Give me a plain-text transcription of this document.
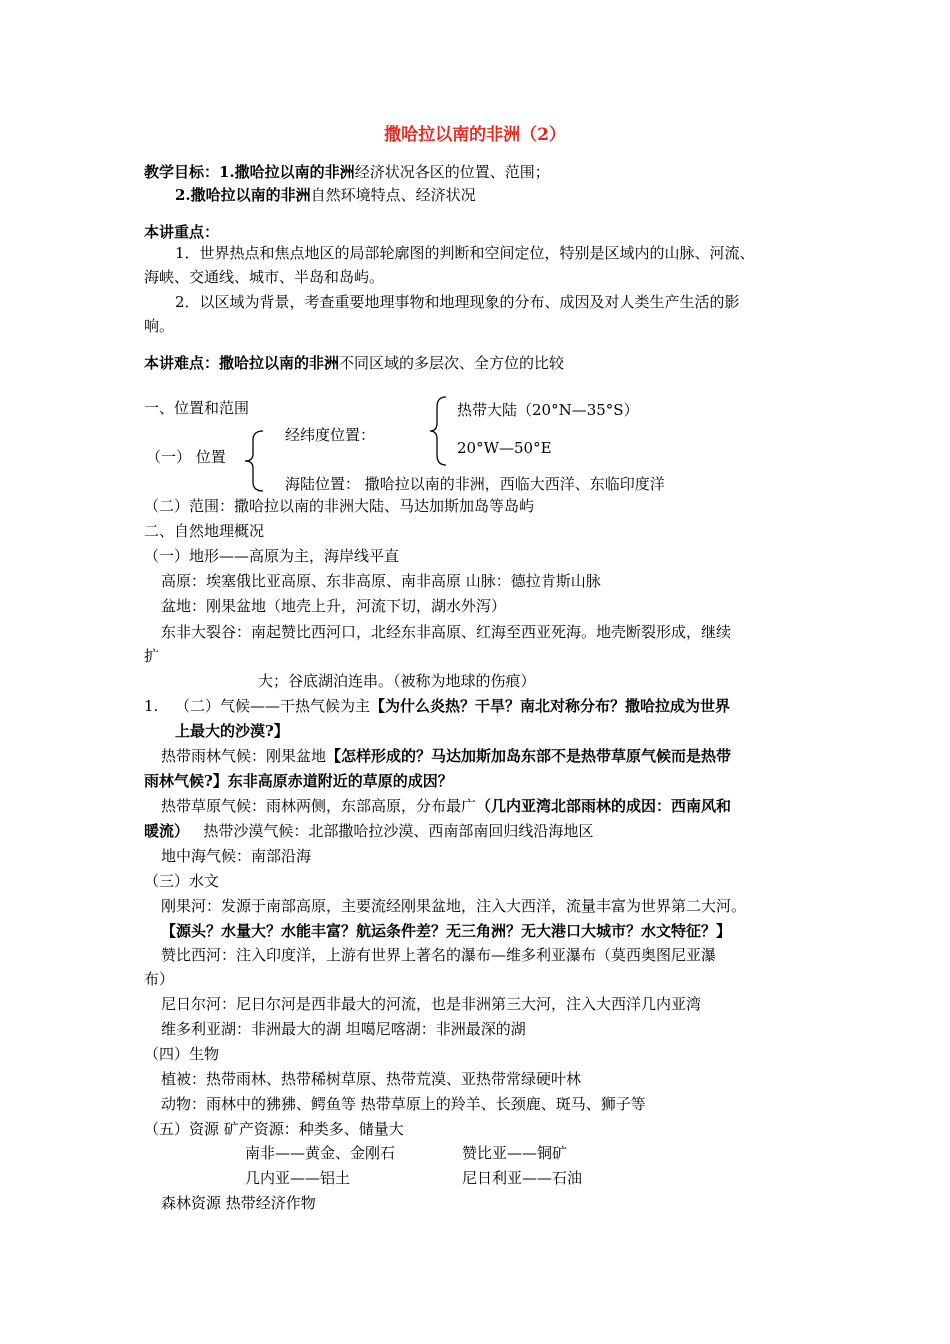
撒哈拉以南的非洲（2）
教学目标：1.撒哈拉以南的非洲经济状况各区的位置、范围；
2.撒哈拉以南的非洲自然环境特点、经济状况
本讲重点：
1．世界热点和焦点地区的局部轮廓图的判断和空间定位，特别是区域内的山脉、河流、
海峡、交通线、城市、半岛和岛屿。
2．以区域为背景，考查重要地理事物和地理现象的分布、成因及对人类生产生活的影
响。
本讲难点：撒哈拉以南的非洲不同区域的多层次、全方位的比较
一、位置和范围	热带大陆（20°N—35°S）
经纬度位置：
20°W—50°E
（一） 位置
海陆位置： 撒哈拉以南的非洲，西临大西洋、东临印度洋
（二）范围：撒哈拉以南的非洲大陆、马达加斯加岛等岛屿
二、自然地理概况
（一）地形——高原为主，海岸线平直
高原：埃塞俄比亚高原、东非高原、南非高原 山脉：德拉肯斯山脉
盆地：刚果盆地（地壳上升，河流下切，湖水外泻）
东非大裂谷：南起赞比西河口，北经东非高原、红海至西亚死海。地壳断裂形成，继续
扩
大；谷底湖泊连串。（被称为地球的伤痕）
1. （二）气候——干热气候为主【为什么炎热？干旱？南北对称分布？撒哈拉成为世界
上最大的沙漠?】
热带雨林气候：刚果盆地【怎样形成的？马达加斯加岛东部不是热带草原气候而是热带
雨林气候?】东非高原赤道附近的草原的成因？
热带草原气候：雨林两侧，东部高原，分布最广（几内亚湾北部雨林的成因：西南风和
暖流）   热带沙漠气候：北部撒哈拉沙漠、西南部南回归线沿海地区
地中海气候：南部沿海
（三）水文
刚果河：发源于南部高原，主要流经刚果盆地，注入大西洋，流量丰富为世界第二大河。
【源头？水量大？水能丰富？航运条件差？无三角洲？无大港口大城市？水文特征？】
赞比西河：注入印度洋，上游有世界上著名的瀑布—维多利亚瀑布（莫西奥图尼亚瀑
布）
尼日尔河：尼日尔河是西非最大的河流，也是非洲第三大河，注入大西洋几内亚湾
维多利亚湖：非洲最大的湖 坦噶尼喀湖：非洲最深的湖
（四）生物
植被：热带雨林、热带稀树草原、热带荒漠、亚热带常绿硬叶林
动物：雨林中的狒狒、鳄鱼等 热带草原上的羚羊、长颈鹿、斑马、狮子等
（五）资源 矿产资源：种类多、储量大
南非——黄金、金刚石	赞比亚——铜矿
几内亚——铝土	尼日利亚——石油
森林资源 热带经济作物
